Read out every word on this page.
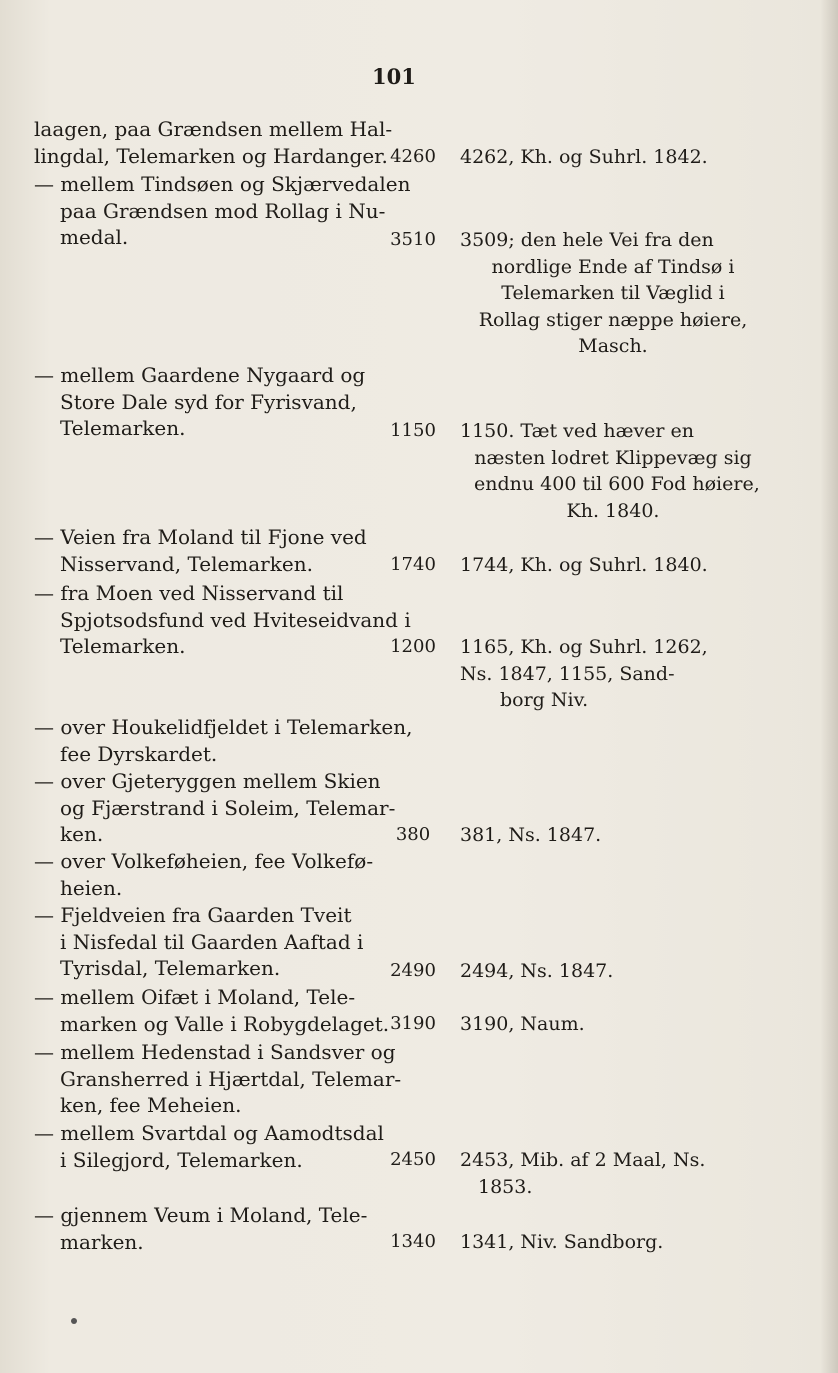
101
laagen, paa Grændsen mellem Hal-
lingdal, Telemarken og Hardanger. 4260	4262, Kh. og Suhrl. 1842.
— mellem Tindsøen og Skjærvedalen
paa Grændsen mod Rollag i Nu-
medal.	3510	3509; den hele Vei fra den
nordlige Ende af Tindsø i
Telemarken til Væglid i
Rollag stiger næppe høiere,
Masch.
— mellem Gaardene Nygaard og
Store Dale syd for Fyrisvand,
Telemarken.	1150	1150. Tæt ved hæver en
næsten lodret Klippevæg sig
endnu 400 til 600 Fod høiere,
Kh. 1840.
— Veien fra Moland til Fjone ved
Nisservand, Telemarken.	1740	1744, Kh. og Suhrl. 1840.
— fra Moen ved Nisservand til
Spjotsodsfund ved Hviteseidvand i
Telemarken.	1200	1165, Kh. og Suhrl. 1262,
Ns. 1847, 1155, Sand-
borg Niv.
— over Houkelidfjeldet i Telemarken,
fee Dyrskardet.
— over Gjeteryggen mellem Skien
og Fjærstrand i Soleim, Telemar-
ken.	380	381, Ns. 1847.
— over Volkeføheien, fee Volkefø-
heien.
— Fjeldveien fra Gaarden Tveit
i Nisfedal til Gaarden Aaftad i
Tyrisdal, Telemarken.	2490	2494, Ns. 1847.
— mellem Oifæt i Moland, Tele-
marken og Valle i Robygdelaget. 3190	3190, Naum.
— mellem Hedenstad i Sandsver og
Gransherred i Hjærtdal, Telemar-
ken, fee Meheien.
— mellem Svartdal og Aamodtsdal
i Silegjord, Telemarken.	2450	2453, Mib. af 2 Maal, Ns.
1853.
— gjennem Veum i Moland, Tele-
marken.	1340	1341, Niv. Sandborg.
